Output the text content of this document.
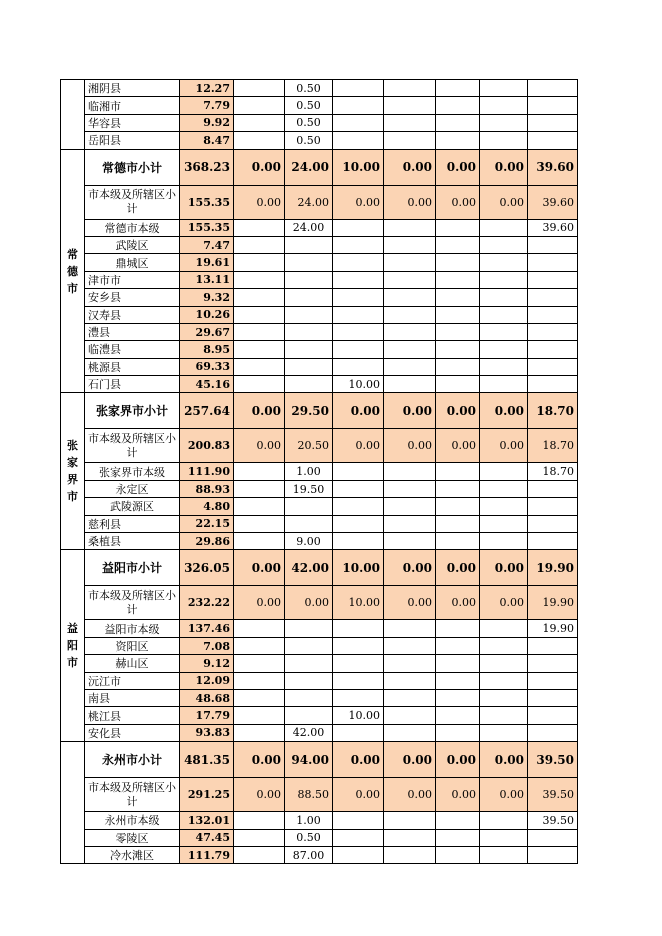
	湘阴县	12.27		0.50					
	临湘市	7.79		0.50					
	华容县	9.92		0.50					
	岳阳县	8.47		0.50					
常
德
市	常德市小计	368.23	0.00	24.00	10.00	0.00	0.00	0.00	39.60
	市本级及所辖区小计	155.35	0.00	24.00	0.00	0.00	0.00	0.00	39.60
	常德市本级	155.35		24.00					39.60
	武陵区	7.47							
	鼎城区	19.61							
	津市市	13.11							
	安乡县	9.32							
	汉寿县	10.26							
	澧县	29.67							
	临澧县	8.95							
	桃源县	69.33							
	石门县	45.16			10.00				
张
家
界
市	张家界市小计	257.64	0.00	29.50	0.00	0.00	0.00	0.00	18.70
	市本级及所辖区小计	200.83	0.00	20.50	0.00	0.00	0.00	0.00	18.70
	张家界市本级	111.90		1.00					18.70
	永定区	88.93		19.50					
	武陵源区	4.80							
	慈利县	22.15							
	桑植县	29.86		9.00					
益
阳
市	益阳市小计	326.05	0.00	42.00	10.00	0.00	0.00	0.00	19.90
	市本级及所辖区小计	232.22	0.00	0.00	10.00	0.00	0.00	0.00	19.90
	益阳市本级	137.46							19.90
	资阳区	7.08							
	赫山区	9.12							
	沅江市	12.09							
	南县	48.68							
	桃江县	17.79			10.00				
	安化县	93.83		42.00					
	永州市小计	481.35	0.00	94.00	0.00	0.00	0.00	0.00	39.50
	市本级及所辖区小计	291.25	0.00	88.50	0.00	0.00	0.00	0.00	39.50
	永州市本级	132.01		1.00					39.50
	零陵区	47.45		0.50					
	冷水滩区	111.79		87.00					
